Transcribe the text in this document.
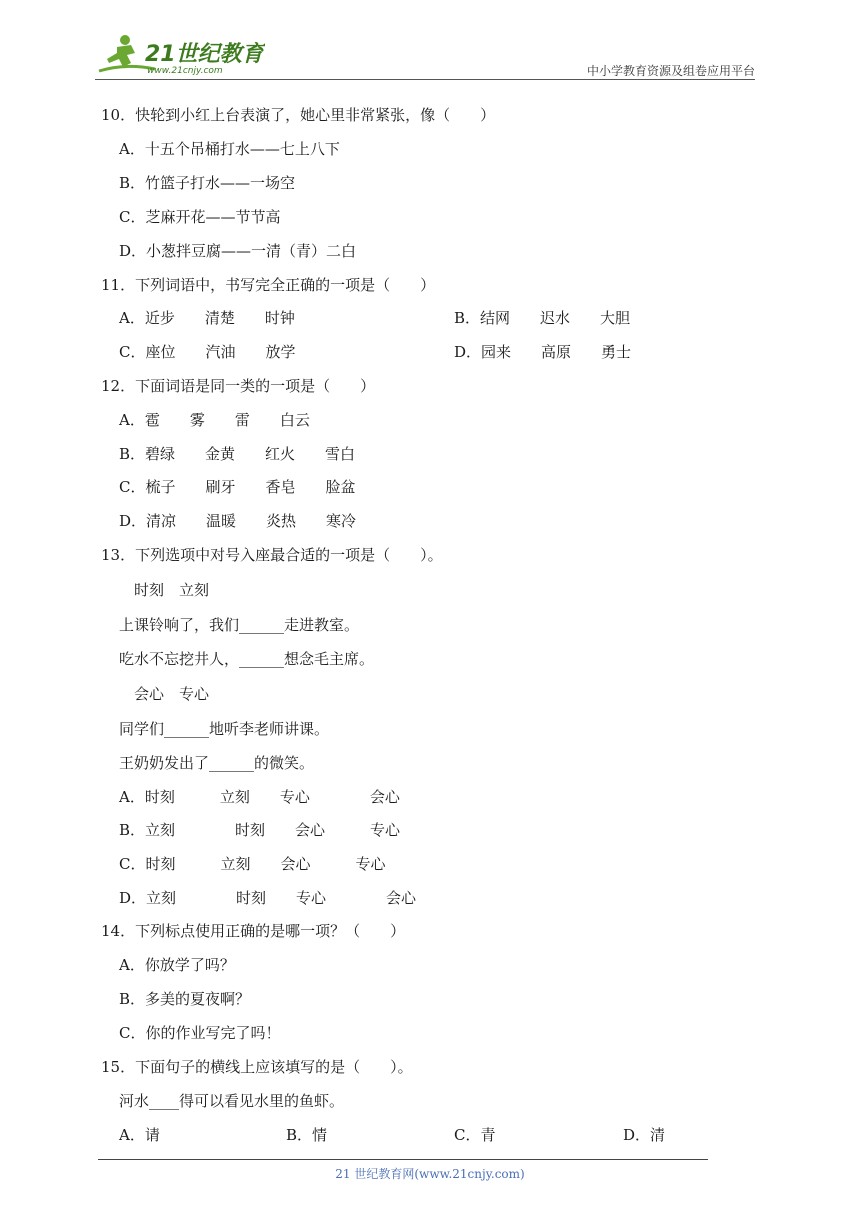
21世纪教育
www.21cnjy.com	中小学教育资源及组卷应用平台
10．快轮到小红上台表演了，她心里非常紧张，像（　　）
A．十五个吊桶打水——七上八下
B．竹篮子打水——一场空
C．芝麻开花——节节高
D．小葱拌豆腐——一清（青）二白
11．下列词语中，书写完全正确的一项是（　　）
A．近步　　清楚　　时钟	B．结网　　迟水　　大胆
C．座位　　汽油　　放学	D．园来　　高原　　勇士
12．下面词语是同一类的一项是（　　）
A．雹　　雾　　雷　　白云
B．碧绿　　金黄　　红火　　雪白
C．梳子　　刷牙　　香皂　　脸盆
D．清凉　　温暖　　炎热　　寒冷
13．下列选项中对号入座最合适的一项是（　　）。
　时刻　立刻
上课铃响了，我们______走进教室。
吃水不忘挖井人，______想念毛主席。
　会心　专心
同学们______地听李老师讲课。
王奶奶发出了______的微笑。
A．时刻　　　立刻　　专心　　　　会心
B．立刻　　　　时刻　　会心　　　专心
C．时刻　　　立刻　　会心　　　专心
D．立刻　　　　时刻　　专心　　　　会心
14．下列标点使用正确的是哪一项？（　　）
A．你放学了吗？
B．多美的夏夜啊？
C．你的作业写完了吗！
15．下面句子的横线上应该填写的是（　　）。
河水____得可以看见水里的鱼虾。
A．请	B．情	C．青	D．清
21 世纪教育网(www.21cnjy.com)
